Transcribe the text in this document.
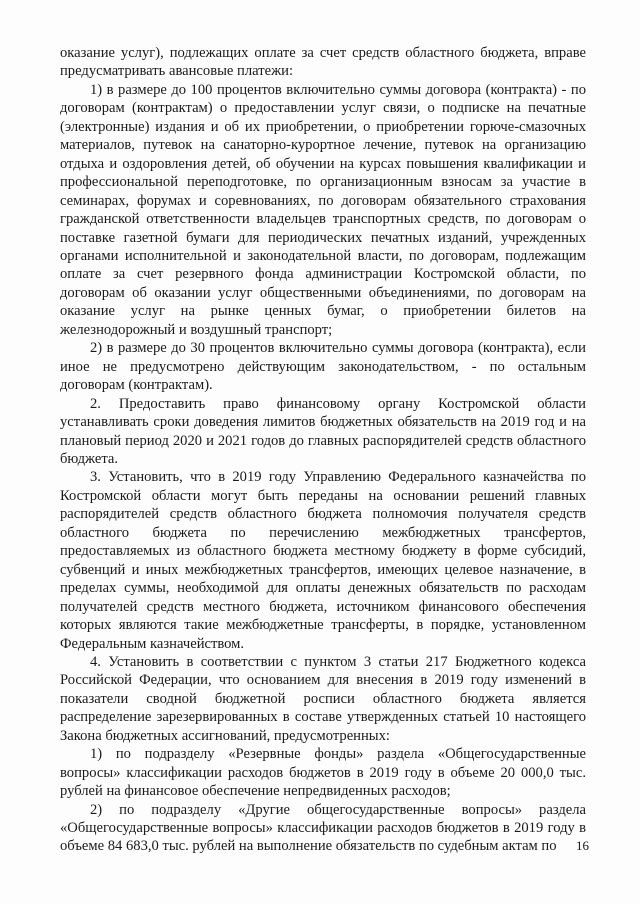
оказание услуг), подлежащих оплате за счет средств областного бюджета, вправе предусматривать авансовые платежи:

1) в размере до 100 процентов включительно суммы договора (контракта) - по договорам (контрактам) о предоставлении услуг связи, о подписке на печатные (электронные) издания и об их приобретении, о приобретении горюче-смазочных материалов, путевок на санаторно-курортное лечение, путевок на организацию отдыха и оздоровления детей, об обучении на курсах повышения квалификации и профессиональной переподготовке, по организационным взносам за участие в семинарах, форумах и соревнованиях, по договорам обязательного страхования гражданской ответственности владельцев транспортных средств, по договорам о поставке газетной бумаги для периодических печатных изданий, учрежденных органами исполнительной и законодательной власти, по договорам, подлежащим оплате за счет резервного фонда администрации Костромской области, по договорам об оказании услуг общественными объединениями, по договорам на оказание услуг на рынке ценных бумаг, о приобретении билетов на железнодорожный и воздушный транспорт;

2) в размере до 30 процентов включительно суммы договора (контракта), если иное не предусмотрено действующим законодательством, - по остальным договорам (контрактам).

2. Предоставить право финансовому органу Костромской области устанавливать сроки доведения лимитов бюджетных обязательств на 2019 год и на плановый период 2020 и 2021 годов до главных распорядителей средств областного бюджета.

3. Установить, что в 2019 году Управлению Федерального казначейства по Костромской области могут быть переданы на основании решений главных распорядителей средств областного бюджета полномочия получателя средств областного бюджета по перечислению межбюджетных трансфертов, предоставляемых из областного бюджета местному бюджету в форме субсидий, субвенций и иных межбюджетных трансфертов, имеющих целевое назначение, в пределах суммы, необходимой для оплаты денежных обязательств по расходам получателей средств местного бюджета, источником финансового обеспечения которых являются такие межбюджетные трансферты, в порядке, установленном Федеральным казначейством.

4. Установить в соответствии с пунктом 3 статьи 217 Бюджетного кодекса Российской Федерации, что основанием для внесения в 2019 году изменений в показатели сводной бюджетной росписи областного бюджета является распределение зарезервированных в составе утвержденных статьей 10 настоящего Закона бюджетных ассигнований, предусмотренных:

1) по подразделу «Резервные фонды» раздела «Общегосударственные вопросы» классификации расходов бюджетов в 2019 году в объеме 20 000,0 тыс. рублей на финансовое обеспечение непредвиденных расходов;

2) по подразделу «Другие общегосударственные вопросы» раздела «Общегосударственные вопросы» классификации расходов бюджетов в 2019 году в объеме 84 683,0 тыс. рублей на выполнение обязательств по судебным актам по	16
